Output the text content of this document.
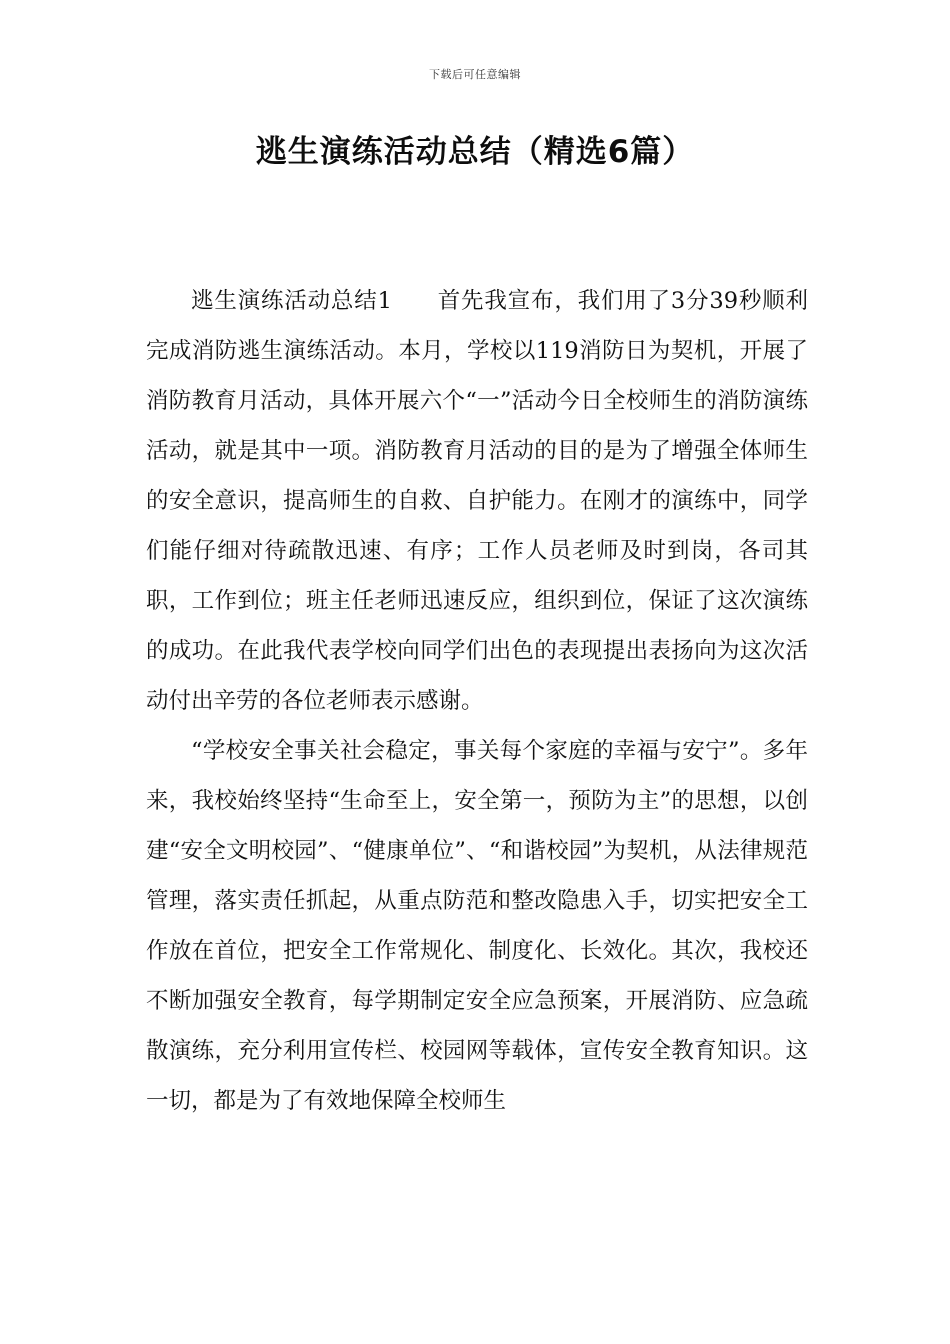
下载后可任意编辑
逃生演练活动总结（精选6篇）

逃生演练活动总结1 首先我宣布，我们用了3分39秒顺利完成消防逃生演练活动。本月，学校以119消防日为契机，开展了消防教育月活动，具体开展六个“一”活动今日全校师生的消防演练活动，就是其中一项。消防教育月活动的目的是为了增强全体师生的安全意识，提高师生的自救、自护能力。在刚才的演练中，同学们能仔细对待疏散迅速、有序；工作人员老师及时到岗，各司其职，工作到位；班主任老师迅速反应，组织到位，保证了这次演练的成功。在此我代表学校向同学们出色的表现提出表扬向为这次活动付出辛劳的各位老师表示感谢。

“学校安全事关社会稳定，事关每个家庭的幸福与安宁”。多年来，我校始终坚持“生命至上，安全第一，预防为主”的思想，以创建“安全文明校园”、“健康单位”、“和谐校园”为契机，从法律规范管理，落实责任抓起，从重点防范和整改隐患入手，切实把安全工作放在首位，把安全工作常规化、制度化、长效化。其次，我校还不断加强安全教育，每学期制定安全应急预案，开展消防、应急疏散演练，充分利用宣传栏、校园网等载体，宣传安全教育知识。这一切，都是为了有效地保障全校师生
